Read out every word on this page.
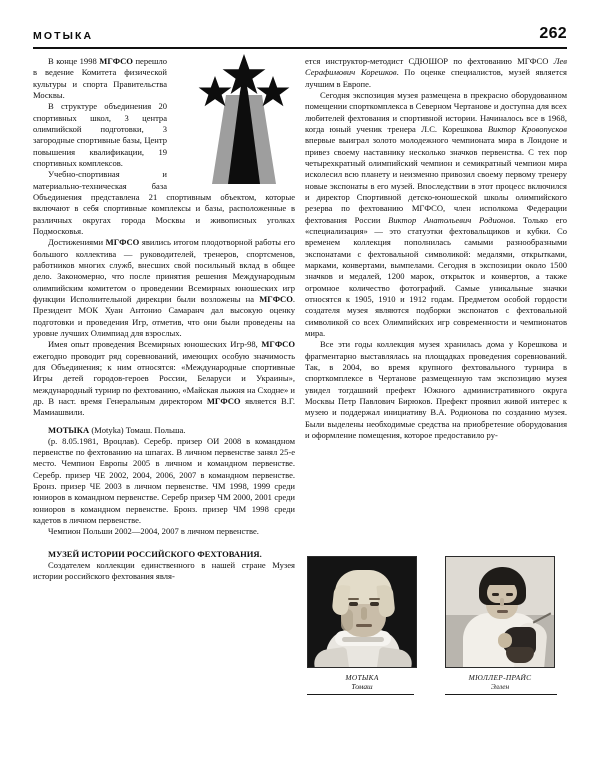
МОТЫКА	262

В конце 1998 МГФСО перешло в ведение Комитета физической культуры и спорта Правительства Москвы.

В структуре объединения 20 спортивных школ, 3 центра олимпийской подготовки, 3 загородные спортивные базы, Центр повышения квалификации, 19 спортивных комплексов.

Учебно-спортивная и материально-техническая база Объединения представлена 21 спортивным объектом, которые включают в себя спортивные комплексы и базы, расположенные в различных округах города Москвы и живописных уголках Подмосковья.

Достижениями МГФСО явились итогом плодотворной работы его большого коллектива — руководителей, тренеров, спортсменов, работников многих служб, внесших свой посильный вклад в общее дело. Закономерно, что после принятия решения Международным олимпийским комитетом о проведении Всемирных юношеских игр функции Исполнительной дирекции были возложены на МГФСО. Президент МОК Хуан Антонио Самаранч дал высокую оценку подготовки и проведения Игр, отметив, что они были проведены на уровне лучших Олимпиад для взрослых.

Имея опыт проведения Всемирных юношеских Игр-98, МГФСО ежегодно проводит ряд соревнований, имеющих особую значимость для Объединения; к ним относятся: «Международные спортивные Игры детей городов-героев России, Беларуси и Украины», международный турнир по фехтованию, «Майская лыжня на Сходне» и др. В наст. время Генеральным директором МГФСО является В.Г. Мамиашвили.

МОТЫКА (Motyka) Томаш. Польша.

(р. 8.05.1981, Вроцлав). Серебр. призер ОИ 2008 в командном первенстве по фехтованию на шпагах. В личном первенстве занял 25-е место. Чемпион Европы 2005 в личном и командном первенстве. Серебр. призер ЧЕ 2002, 2004, 2006, 2007 в командном первенстве. Бронз. призер ЧЕ 2003 в личном первенстве. ЧМ 1998, 1999 среди юниоров в командном первенстве. Серебр призер ЧМ 2000, 2001 среди юниоров в командном первенстве. Бронз. призер ЧМ 1998 среди кадетов в личном первенстве.

Чемпион Польши 2002—2004, 2007 в личном первенстве.

МУЗЕЙ ИСТОРИИ РОССИЙСКОГО ФЕХТОВАНИЯ.

Создателем коллекции единственного в нашей стране Музея истории российского фехтования явля-

ется инструктор-методист СДЮШОР по фехтованию МГФСО Лев Серафимович Корешков. По оценке специалистов, музей является лучшим в Европе.

Сегодня экспозиция музея размещена в прекрасно оборудованном помещении спорткомплекса в Северном Чертанове и доступна для всех любителей фехтования и спортивной истории. Начиналось все в 1968, когда юный ученик тренера Л.С. Корешкова Виктор Кровопусков впервые выиграл золото молодежного чемпионата мира в Лондоне и привез своему наставнику несколько значков первенства. С тех пор четырехкратный олимпийский чемпион и семикратный чемпион мира исколесил всю планету и неизменно привозил своему первому тренеру новые экспонаты в его музей. Впоследствии в этот процесс включился и директор Спортивной детско-юношеской школы олимпийского резерва по фехтованию МГФСО, член исполкома Федерации фехтования России Виктор Анатольевич Родионов. Только его «специализация» — это статуэтки фехтовальщиков и кубки. Со временем коллекция пополнилась самыми разнообразными экспонатами с фехтовальной символикой: медалями, открытками, марками, конвертами, вымпелами. Сегодня в экспозиции около 1500 значков и медалей, 1200 марок, открыток и конвертов, а также огромное количество фотографий. Самые уникальные значки относятся к 1905, 1910 и 1912 годам. Предметом особой гордости создателя музея являются подборки экспонатов с фехтовальной символикой со всех Олимпийских игр современности и чемпионатов мира.

Все эти годы коллекция музея хранилась дома у Корешкова и фрагментарно выставлялась на площадках проведения соревнований. Так, в 2004, во время крупного фехтовального турнира в спорткомплексе в Чертанове размещенную там экспозицию музея увидел тогдашний префект Южного административного округа Москвы Петр Павлович Бирюков. Префект проявил живой интерес к музею и поддержал инициативу В.А. Родионова по созданию музея. Были выделены необходимые средства на приобретение оборудования и оформление помещения, которое предоставило ру-

МОТЫКА
Томаш
МЮЛЛЕР-ПРАЙС
Эллен
